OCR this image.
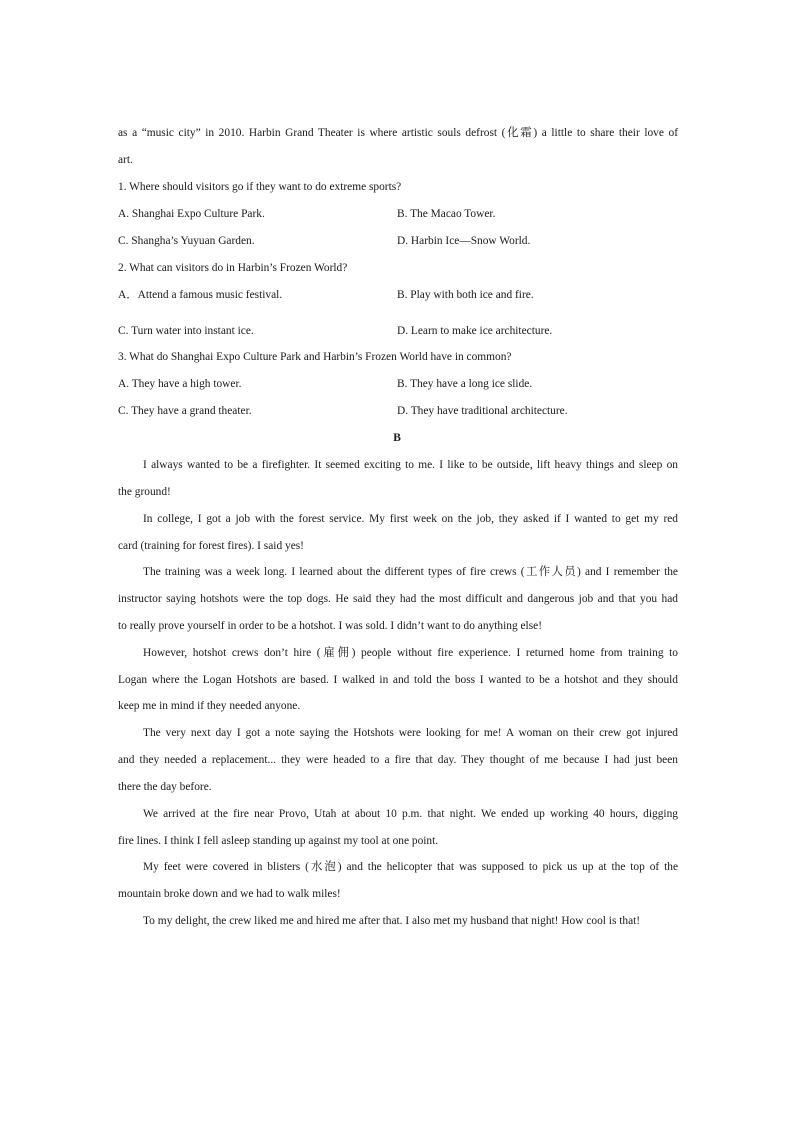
as a “music city” in 2010. Harbin Grand Theater is where artistic souls defrost (化霜) a little to share their love of
art.
1. Where should visitors go if they want to do extreme sports?
A. Shanghai Expo Culture Park.	B. The Macao Tower.
C. Shangha’s Yuyuan Garden.	D. Harbin Ice—Snow World.
2. What can visitors do in Harbin’s Frozen World?
A．Attend a famous music festival.	B. Play with both ice and fire.
C. Turn water into instant ice.	D. Learn to make ice architecture.
3. What do Shanghai Expo Culture Park and Harbin’s Frozen World have in common?
A. They have a high tower.	B. They have a long ice slide.
C. They have a grand theater.	D. They have traditional architecture.
B
I always wanted to be a firefighter. It seemed exciting to me. I like to be outside, lift heavy things and sleep on
the ground!
In college, I got a job with the forest service. My first week on the job, they asked if I wanted to get my red
card (training for forest fires). I said yes!
The training was a week long. I learned about the different types of fire crews (工作人员) and I remember the
instructor saying hotshots were the top dogs. He said they had the most difficult and dangerous job and that you had
to really prove yourself in order to be a hotshot. I was sold. I didn’t want to do anything else!
However, hotshot crews don’t hire (雇佣) people without fire experience. I returned home from training to
Logan where the Logan Hotshots are based. I walked in and told the boss I wanted to be a hotshot and they should
keep me in mind if they needed anyone.
The very next day I got a note saying the Hotshots were looking for me! A woman on their crew got injured
and they needed a replacement... they were headed to a fire that day. They thought of me because I had just been
there the day before.
We arrived at the fire near Provo, Utah at about 10 p.m. that night. We ended up working 40 hours, digging
fire lines. I think I fell asleep standing up against my tool at one point.
My feet were covered in blisters (水泡) and the helicopter that was supposed to pick us up at the top of the
mountain broke down and we had to walk miles!
To my delight, the crew liked me and hired me after that. I also met my husband that night! How cool is that!
